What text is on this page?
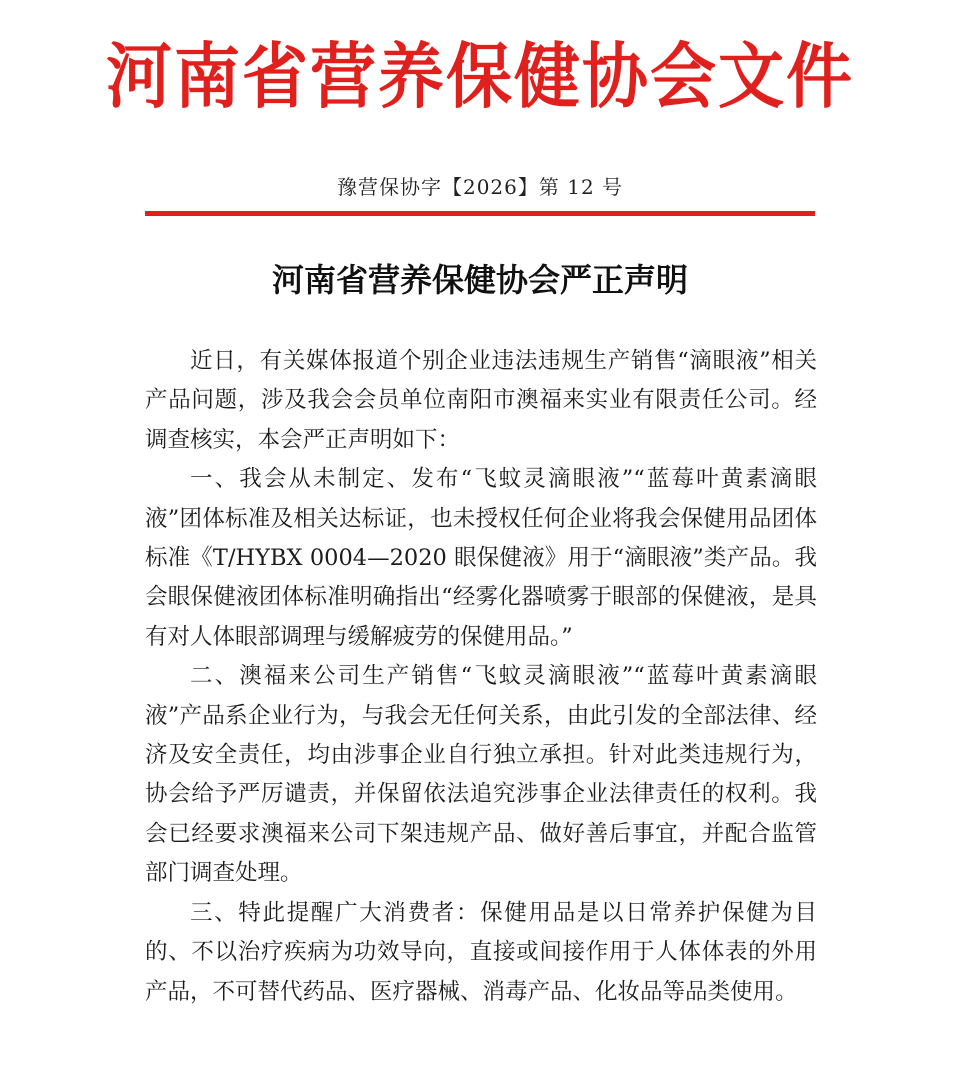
河南省营养保健协会文件
豫营保协字【2026】第 12 号
河南省营养保健协会严正声明

近日，有关媒体报道个别企业违法违规生产销售“滴眼液”相关产品问题，涉及我会会员单位南阳市澳福来实业有限责任公司。经调查核实，本会严正声明如下：

一、我会从未制定、发布“飞蚊灵滴眼液”“蓝莓叶黄素滴眼液”团体标准及相关达标证，也未授权任何企业将我会保健用品团体标准《T/HYBX 0004—2020 眼保健液》用于“滴眼液”类产品。我会眼保健液团体标准明确指出“经雾化器喷雾于眼部的保健液，是具有对人体眼部调理与缓解疲劳的保健用品。”

二、澳福来公司生产销售“飞蚊灵滴眼液”“蓝莓叶黄素滴眼液”产品系企业行为，与我会无任何关系，由此引发的全部法律、经济及安全责任，均由涉事企业自行独立承担。针对此类违规行为，协会给予严厉谴责，并保留依法追究涉事企业法律责任的权利。我会已经要求澳福来公司下架违规产品、做好善后事宜，并配合监管部门调查处理。

三、特此提醒广大消费者：保健用品是以日常养护保健为目的、不以治疗疾病为功效导向，直接或间接作用于人体体表的外用产品，不可替代药品、医疗器械、消毒产品、化妆品等品类使用。
